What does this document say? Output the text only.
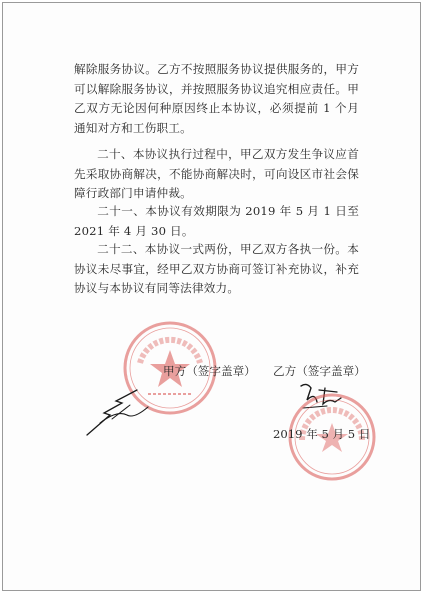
解除服务协议。乙方不按照服务协议提供服务的，甲方可以解除服务协议，并按照服务协议追究相应责任。甲乙双方无论因何种原因终止本协议，必须提前 1 个月通知对方和工伤职工。

二十、本协议执行过程中，甲乙双方发生争议应首先采取协商解决，不能协商解决时，可向设区市社会保障行政部门申请仲裁。

二十一、本协议有效期限为 2019 年 5 月 1 日至 2021 年 4 月 30 日。

二十二、本协议一式两份，甲乙双方各执一份。本协议未尽事宜，经甲乙双方协商可签订补充协议，补充协议与本协议有同等法律效力。

甲方（签字盖章） 乙方（签字盖章）
2019 年 5 月 5 日
